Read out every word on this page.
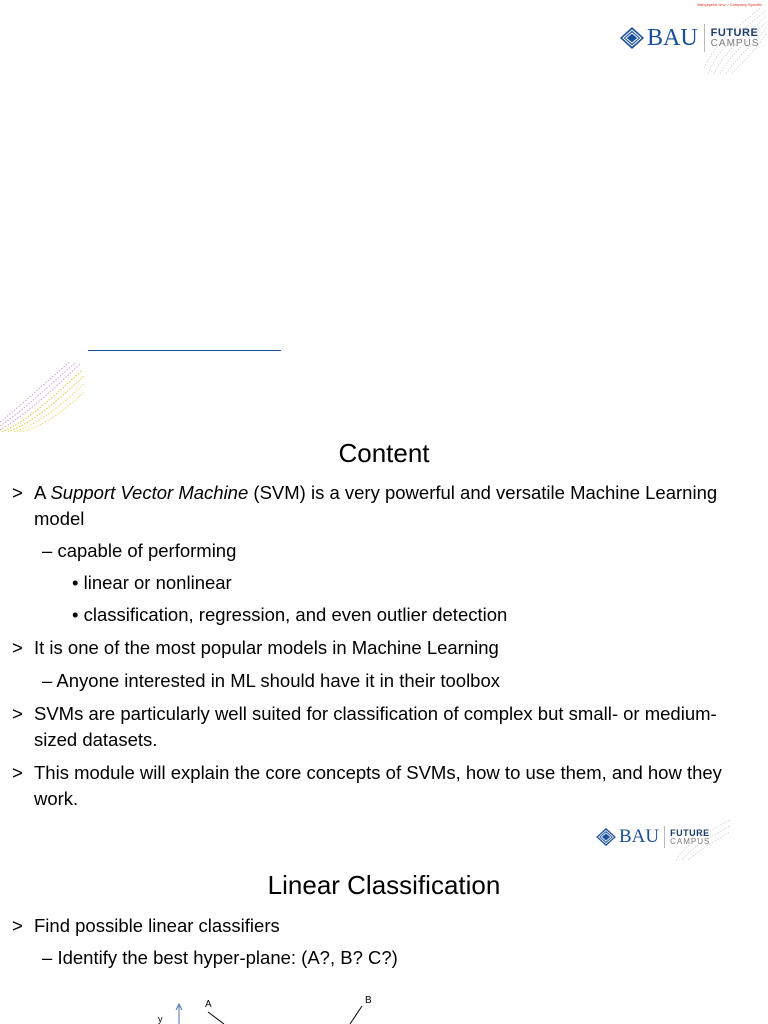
Bahçeşehir Ünv. / Company Specific
BAU FUTURE
CAMPUS
Content
> A Support Vector Machine (SVM) is a very powerful and versatile Machine Learning model
– capable of performing
• linear or nonlinear
• classification, regression, and even outlier detection
> It is one of the most popular models in Machine Learning
– Anyone interested in ML should have it in their toolbox
> SVMs are particularly well suited for classification of complex but small- or medium-sized datasets.
> This module will explain the core concepts of SVMs, how to use them, and how they work.
BAU FUTURE
CAMPUS
Linear Classification
> Find possible linear classifiers
– Identify the best hyper-plane: (A?, B? C?)
y
A	B
